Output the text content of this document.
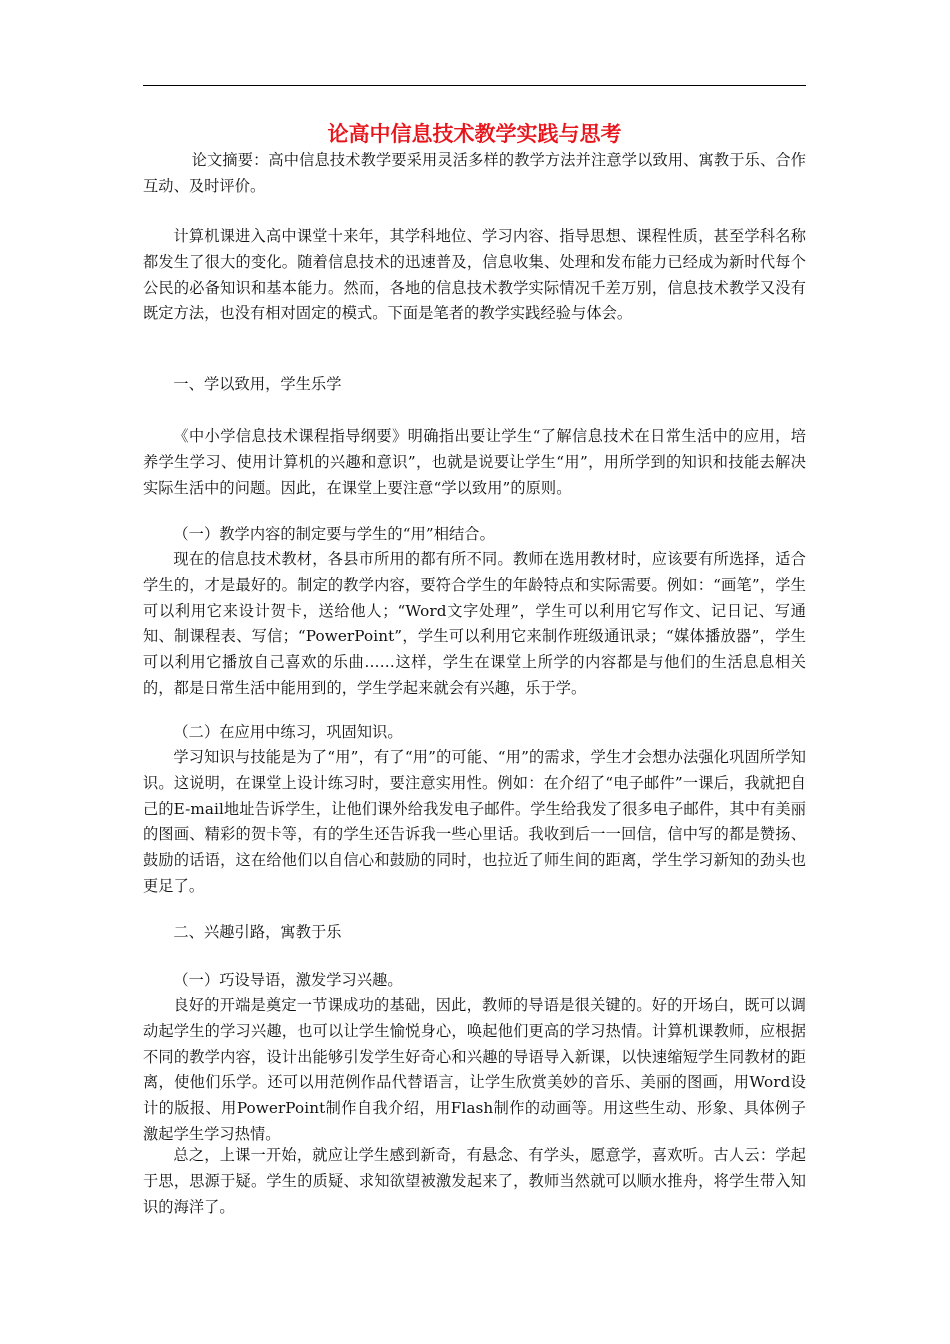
论高中信息技术教学实践与思考

论文摘要：高中信息技术教学要采用灵活多样的教学方法并注意学以致用、寓教于乐、合作互动、及时评价。

计算机课进入高中课堂十来年，其学科地位、学习内容、指导思想、课程性质，甚至学科名称都发生了很大的变化。随着信息技术的迅速普及，信息收集、处理和发布能力已经成为新时代每个公民的必备知识和基本能力。然而，各地的信息技术教学实际情况千差万别，信息技术教学又没有既定方法，也没有相对固定的模式。下面是笔者的教学实践经验与体会。

一、学以致用，学生乐学

《中小学信息技术课程指导纲要》明确指出要让学生“了解信息技术在日常生活中的应用，培养学生学习、使用计算机的兴趣和意识”，也就是说要让学生“用”，用所学到的知识和技能去解决实际生活中的问题。因此，在课堂上要注意“学以致用”的原则。

（一）教学内容的制定要与学生的“用”相结合。

现在的信息技术教材，各县市所用的都有所不同。教师在选用教材时，应该要有所选择，适合学生的，才是最好的。制定的教学内容，要符合学生的年龄特点和实际需要。例如：“画笔”，学生可以利用它来设计贺卡，送给他人；“Word文字处理”，学生可以利用它写作文、记日记、写通知、制课程表、写信；“PowerPoint”，学生可以利用它来制作班级通讯录；“媒体播放器”，学生可以利用它播放自己喜欢的乐曲……这样，学生在课堂上所学的内容都是与他们的生活息息相关的，都是日常生活中能用到的，学生学起来就会有兴趣，乐于学。

（二）在应用中练习，巩固知识。

学习知识与技能是为了“用”，有了“用”的可能、“用”的需求，学生才会想办法强化巩固所学知识。这说明，在课堂上设计练习时，要注意实用性。例如：在介绍了“电子邮件”一课后，我就把自己的E-mail地址告诉学生，让他们课外给我发电子邮件。学生给我发了很多电子邮件，其中有美丽的图画、精彩的贺卡等，有的学生还告诉我一些心里话。我收到后一一回信，信中写的都是赞扬、鼓励的话语，这在给他们以自信心和鼓励的同时，也拉近了师生间的距离，学生学习新知的劲头也更足了。

二、兴趣引路，寓教于乐

（一）巧设导语，激发学习兴趣。

良好的开端是奠定一节课成功的基础，因此，教师的导语是很关键的。好的开场白，既可以调动起学生的学习兴趣，也可以让学生愉悦身心，唤起他们更高的学习热情。计算机课教师，应根据不同的教学内容，设计出能够引发学生好奇心和兴趣的导语导入新课，以快速缩短学生同教材的距离，使他们乐学。还可以用范例作品代替语言，让学生欣赏美妙的音乐、美丽的图画，用Word设计的版报、用PowerPoint制作自我介绍，用Flash制作的动画等。用这些生动、形象、具体例子激起学生学习热情。

总之，上课一开始，就应让学生感到新奇，有悬念、有学头，愿意学，喜欢听。古人云：学起于思，思源于疑。学生的质疑、求知欲望被激发起来了，教师当然就可以顺水推舟，将学生带入知识的海洋了。
